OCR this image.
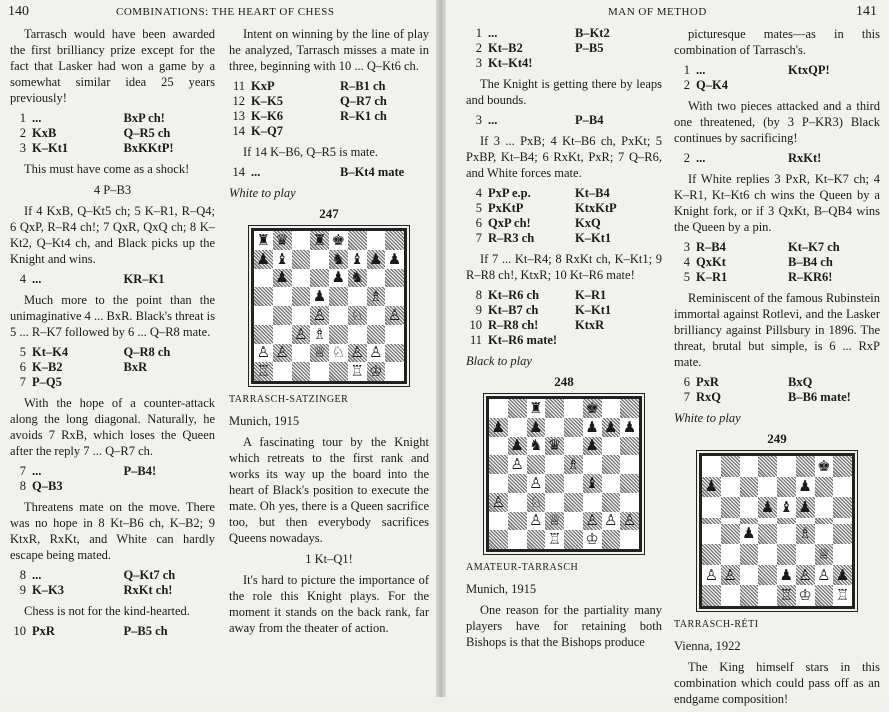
140	COMBINATIONS: THE HEART OF CHESS

Tarrasch would have been awarded the first brilliancy prize except for the fact that Lasker had won a game by a somewhat similar idea 25 years previously!

1 ...	BxP ch!
2 KxB	Q–R5 ch
3 K–Kt1	BxKKtP!

This must have come as a shock!

4 P–B3

If 4 KxB, Q–Kt5 ch; 5 K–R1, R–Q4; 6 QxP, R–R4 ch!; 7 QxR, QxQ ch; 8 K–Kt2, Q–Kt4 ch, and Black picks up the Knight and wins.

4 ...	KR–K1

Much more to the point than the unimaginative 4 ... BxR. Black's threat is 5 ... R–K7 followed by 6 ... Q–R8 mate.

5 Kt–K4	Q–R8 ch
6 K–B2	BxR
7 P–Q5

With the hope of a counter-attack along the long diagonal. Naturally, he avoids 7 RxB, which loses the Queen after the reply 7 ... Q–R7 ch.

7 ...	P–B4!
8 Q–B3

Threatens mate on the move. There was no hope in 8 Kt–B6 ch, K–B2; 9 KtxR, RxKt, and White can hardly escape being mated.

8 ...	Q–Kt7 ch
9 K–K3	RxKt ch!

Chess is not for the kind-hearted.

10 PxR	P–B5 ch

Intent on winning by the line of play he analyzed, Tarrasch misses a mate in three, beginning with 10 ... Q–Kt6 ch.

11 KxP	R–B1 ch
12 K–K5	Q–R7 ch
13 K–K6	R–K1 ch
14 K–Q7

If 14 K–B6, Q–R5 is mate.

14 ...	B–Kt4 mate

White to play

247
♜ ♛ ♜ ♚
♟ ♝	♞ ♝ ♟ ♟
♟	♟ ♞
♟	♗
♙ ♘ ♙
♙ ♗
♙ ♙ ♕ ♘ ♙ ♙
♖	♖ ♔

TARRASCH-SATZINGER

Munich, 1915

A fascinating tour by the Knight which retreats to the first rank and works its way up the board into the heart of Black's position to execute the mate. Oh yes, there is a Queen sacrifice too, but then everybody sacrifices Queens nowadays.

1 Kt–Q1!

It's hard to picture the importance of the role this Knight plays. For the moment it stands on the back rank, far away from the theater of action.

MAN OF METHOD	141
1 ...	B–Kt2
2 Kt–B2	P–B5
3 Kt–Kt4!

The Knight is getting there by leaps and bounds.

3 ...	P–B4

If 3 ... PxB; 4 Kt–B6 ch, PxKt; 5 PxBP, Kt–B4; 6 RxKt, PxR; 7 Q–R6, and White forces mate.

4 PxP e.p.	Kt–B4
5 PxKtP	KtxKtP
6 QxP ch!	KxQ
7 R–R3 ch	K–Kt1

If 7 ... Kt–R4; 8 RxKt ch, K–Kt1; 9 R–R8 ch!, KtxR; 10 Kt–R6 mate!

8 Kt–R6 ch	K–R1
9 Kt–B7 ch	K–Kt1
10 R–R8 ch!	KtxR
11 Kt–R6 mate!

Black to play

248
♜	♚
♟ ♟	♟ ♟ ♟
♟ ♞ ♛ ♟
♙	♗
♙	♝
♙ ♘
♙ ♕ ♙ ♙ ♙
♖ ♔

AMATEUR-TARRASCH

Munich, 1915

One reason for the partiality many players have for retaining both Bishops is that the Bishops produce

picturesque mates—as in this combination of Tarrasch's.

1 ...	KtxQP!
2 Q–K4

With two pieces attacked and a third one threatened, (by 3 P–KR3) Black continues by sacrificing!

2 ...	RxKt!

If White replies 3 PxR, Kt–K7 ch; 4 K–R1, Kt–Kt6 ch wins the Queen by a Knight fork, or if 3 QxKt, B–QB4 wins the Queen by a pin.

3 R–B4	Kt–K7 ch
4 QxKt	B–B4 ch
5 K–R1	R–KR6!

Reminiscent of the famous Rubinstein immortal against Rotlevi, and the Lasker brilliancy against Pillsbury in 1896. The threat, brutal but simple, is 6 ... RxP mate.

6 PxR	BxQ
7 RxQ	B–B6 mate!

White to play

249
♚
♟	♟
♟ ♝ ♟
♟	♗
♕
♙ ♙	♟ ♙ ♙ ♟
♖ ♔ ♖

TARRASCH-RÉTI

Vienna, 1922

The King himself stars in this combination which could pass off as an endgame composition!
